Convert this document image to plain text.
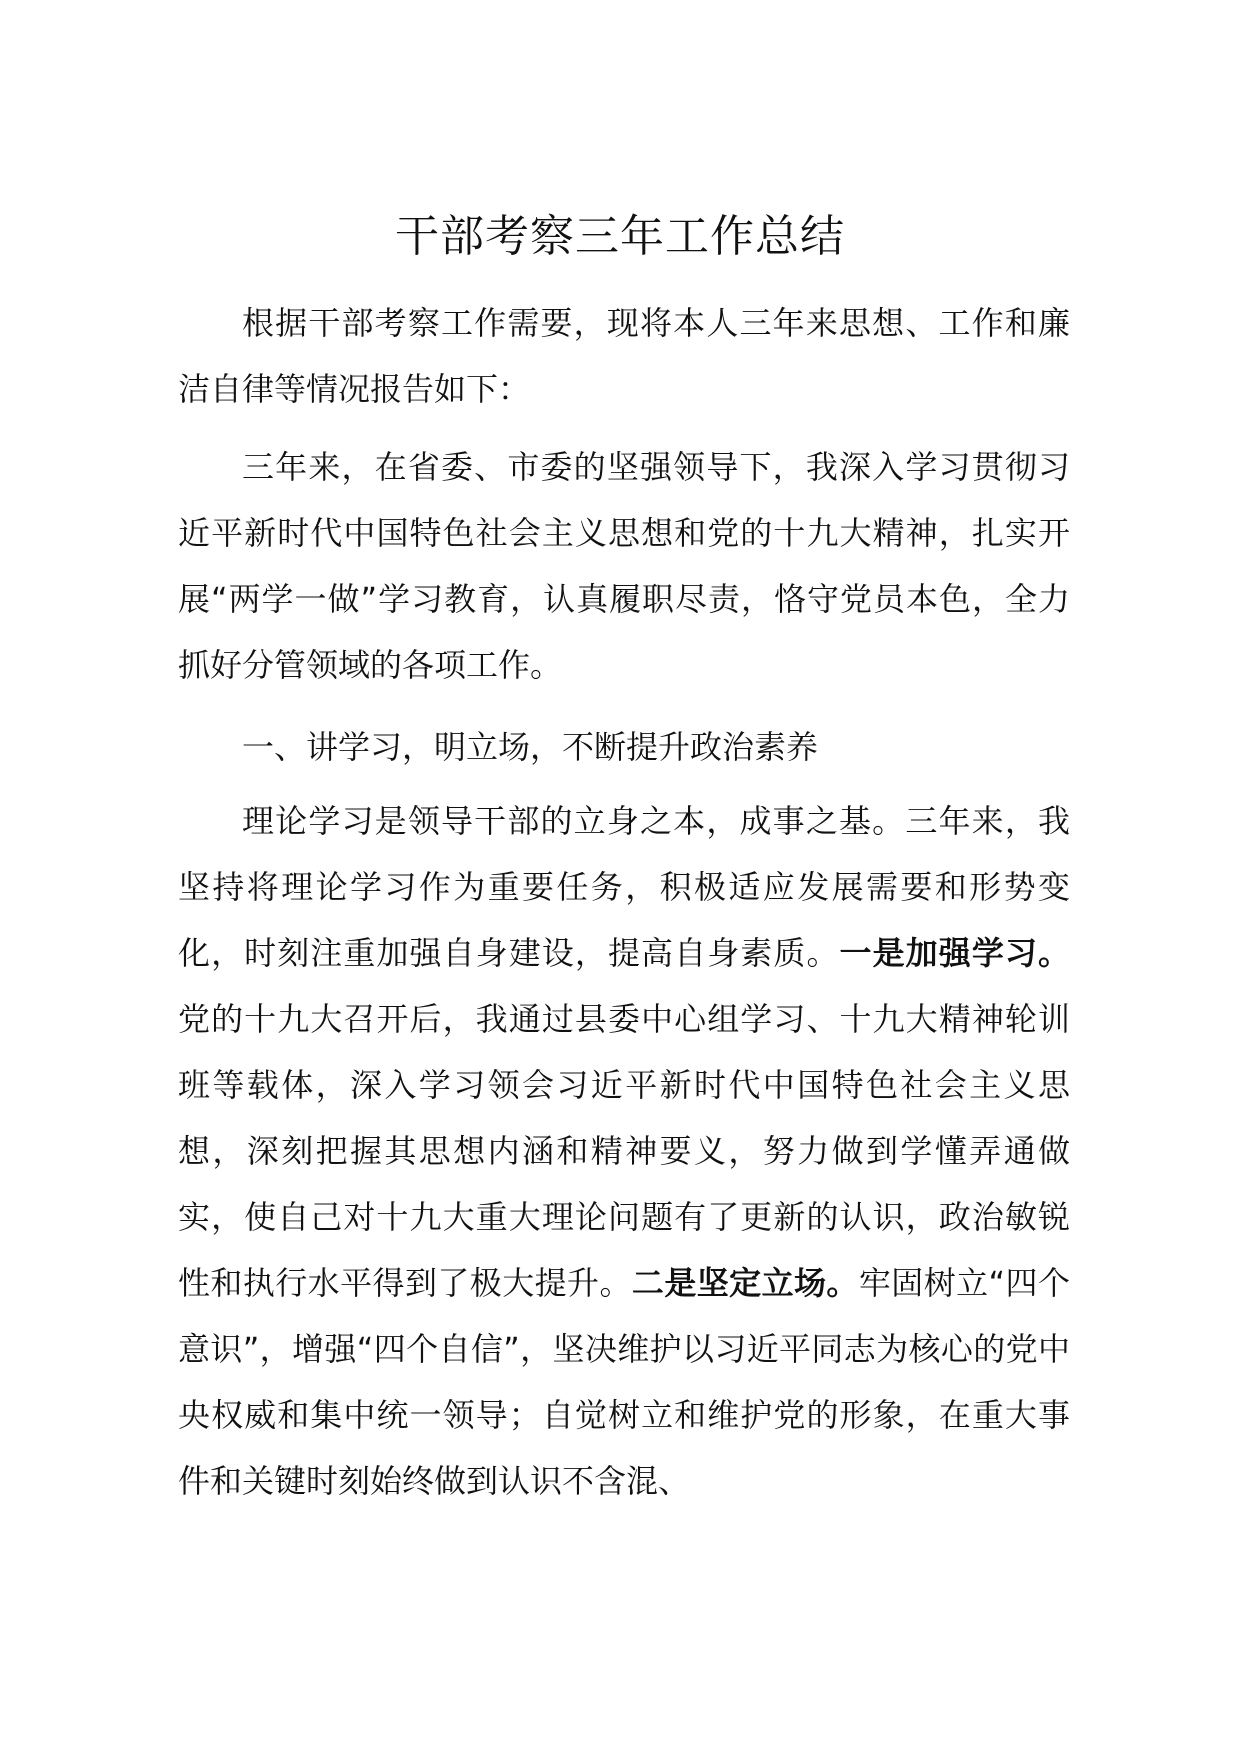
干部考察三年工作总结

根据干部考察工作需要，现将本人三年来思想、工作和廉洁自律等情况报告如下：

三年来，在省委、市委的坚强领导下，我深入学习贯彻习近平新时代中国特色社会主义思想和党的十九大精神，扎实开展“两学一做”学习教育，认真履职尽责，恪守党员本色，全力抓好分管领域的各项工作。

一、讲学习，明立场，不断提升政治素养

理论学习是领导干部的立身之本，成事之基。三年来，我坚持将理论学习作为重要任务，积极适应发展需要和形势变化，时刻注重加强自身建设，提高自身素质。一是加强学习。党的十九大召开后，我通过县委中心组学习、十九大精神轮训班等载体，深入学习领会习近平新时代中国特色社会主义思想，深刻把握其思想内涵和精神要义，努力做到学懂弄通做实，使自己对十九大重大理论问题有了更新的认识，政治敏锐性和执行水平得到了极大提升。二是坚定立场。牢固树立“四个意识”，增强“四个自信”，坚决维护以习近平同志为核心的党中央权威和集中统一领导；自觉树立和维护党的形象，在重大事件和关键时刻始终做到认识不含混、
